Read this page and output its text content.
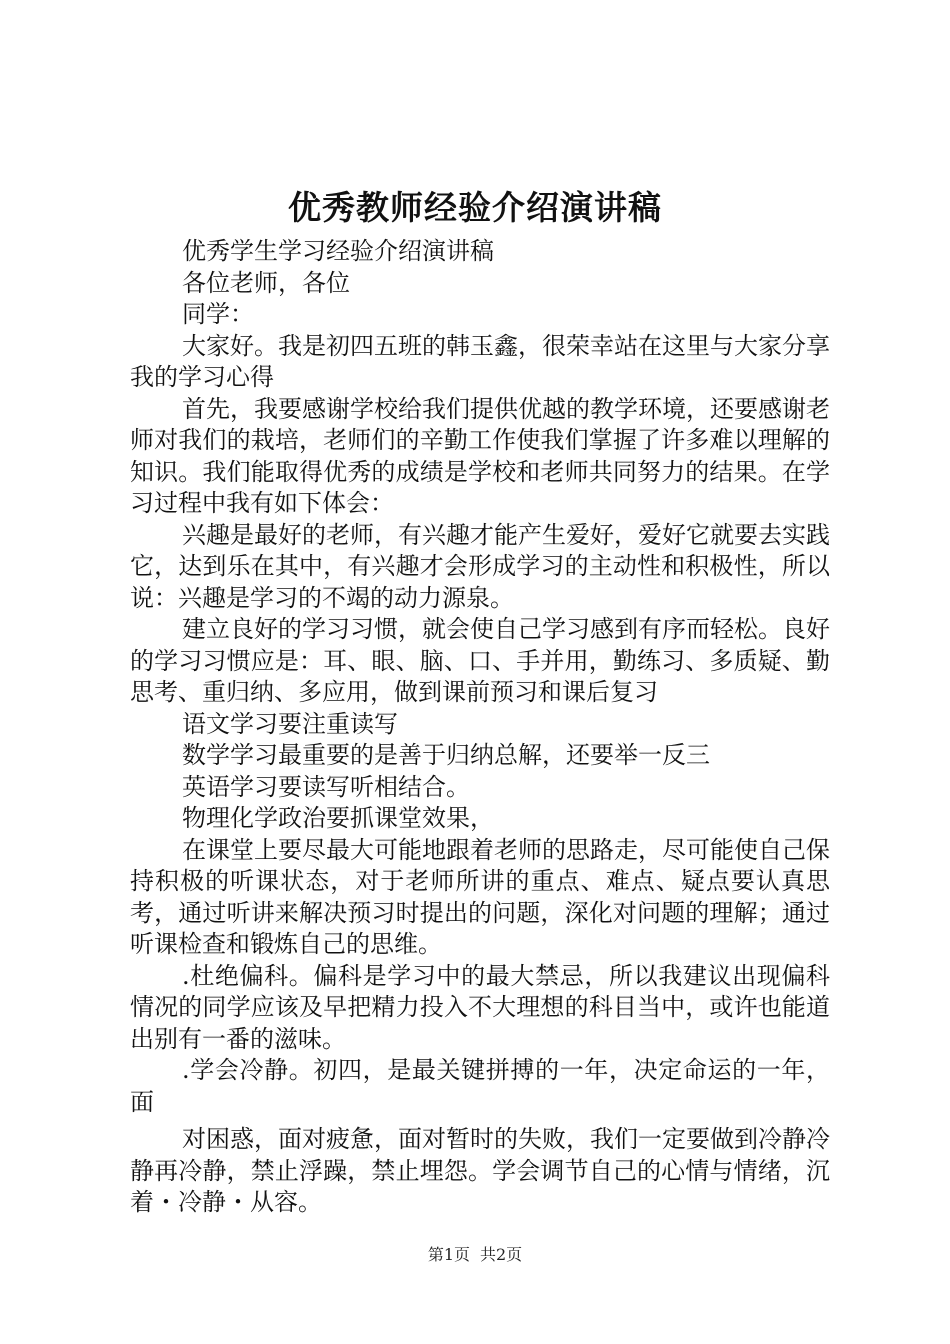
优秀教师经验介绍演讲稿

优秀学生学习经验介绍演讲稿

各位老师，各位

同学：

大家好。我是初四五班的韩玉鑫，很荣幸站在这里与大家分享我的学习心得

首先，我要感谢学校给我们提供优越的教学环境，还要感谢老师对我们的栽培，老师们的辛勤工作使我们掌握了许多难以理解的知识。我们能取得优秀的成绩是学校和老师共同努力的结果。在学习过程中我有如下体会：

兴趣是最好的老师，有兴趣才能产生爱好，爱好它就要去实践它，达到乐在其中，有兴趣才会形成学习的主动性和积极性，所以说：兴趣是学习的不竭的动力源泉。

建立良好的学习习惯，就会使自己学习感到有序而轻松。良好的学习习惯应是：耳、眼、脑、口、手并用，勤练习、多质疑、勤思考、重归纳、多应用，做到课前预习和课后复习

语文学习要注重读写

数学学习最重要的是善于归纳总解，还要举一反三

英语学习要读写听相结合。

物理化学政治要抓课堂效果，

在课堂上要尽最大可能地跟着老师的思路走，尽可能使自己保持积极的听课状态，对于老师所讲的重点、难点、疑点要认真思考，通过听讲来解决预习时提出的问题，深化对问题的理解；通过听课检查和锻炼自己的思维。

.杜绝偏科。偏科是学习中的最大禁忌，所以我建议出现偏科情况的同学应该及早把精力投入不大理想的科目当中，或许也能道出别有一番的滋味。

.学会冷静。初四，是最关键拼搏的一年，决定命运的一年，面

对困惑，面对疲惫，面对暂时的失败，我们一定要做到冷静冷静再冷静，禁止浮躁，禁止埋怨。学会调节自己的心情与情绪，沉着・冷静・从容。

第1页 共2页
